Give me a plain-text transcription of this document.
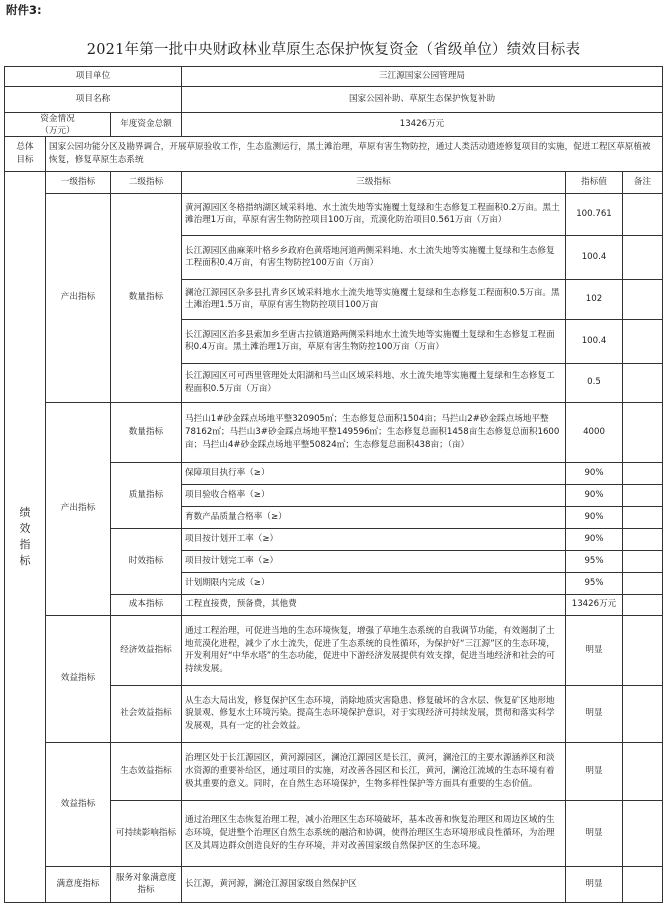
附件3:
2021年第一批中央财政林业草原生态保护恢复资金（省级单位）绩效目标表
项目单位			三江源国家公园管理局		
项目名称			国家公园补助、草原生态保护恢复补助		

资金情况
（万元）		年度资金总额	13426万元		

总体
目标	国家公园功能分区及勘界调合，开展草原验收工作，生态监测运行，黑土滩治理，草原有害生物防控，通过人类活动遗迹修复项目的实施，促进工程区草原植被恢复，修复草原生态系统				

绩
效
指
标	一级指标	二级指标	三级指标	指标值	备注
	产出指标	数量指标	黄河源园区冬格措纳湖区域采料地、水土流失地等实施覆土复绿和生态修复工程面积0.2万亩。黑土滩治理1万亩，草原有害生物防控项目100万亩，荒漠化防治项目0.561万亩（万亩）	100.761	
			长江源园区曲麻莱叶格乡乡政府色黄塔地河道两侧采料地、水土流失地等实施覆土复绿和生态修复工程面积0.4万亩，有害生物防控100万亩（万亩）	100.4	
			澜沧江源园区杂多县扎青乡区域采料地水土流失地等实施覆土复绿和生态修复工程面积0.5万亩。黑土滩治理1.5万亩，草原有害生物防控项目100万亩	102	
			长江源园区治多县索加乡至唐古拉镇道路两侧采料地水土流失地等实施覆土复绿和生态修复工程面积0.4万亩。黑土滩治理1万亩，草原有害生物防控100万亩（万亩）	100.4	
			长江源园区可可西里管理处太阳湖和马兰山区域采料地、水土流失地等实施覆土复绿和生态修复工程面积0.5万亩（万亩）	0.5	
	产出指标	数量指标	马拦山1#砂金踩点场地平整320905㎡；生态修复总面积1504亩；马拦山2#砂金踩点场地平整78162㎡；马拦山3#砂金踩点场地平整149596㎡；生态修复总面积1458亩生态修复总面积1600亩；马拦山4#砂金踩点场地平整50824㎡；生态修复总面积438亩；（亩）	4000	
		质量指标	保障项目执行率（≥）	90%	
			项目验收合格率（≥）	90%	
			育数产品质量合格率（≥）	90%	
		时效指标	项目按计划开工率（≥）	90%	
			项目按计划完工率（≥）	95%	
			计划期限内完成（≥）	95%	
		成本指标	工程直接费，预备费，其他费	13426万元	
	效益指标	经济效益指标	通过工程治理，可促进当地的生态环境恢复，增强了草地生态系统的自我调节功能，有效遏制了土地荒漠化进程，减少了水土流失，促进了生态系统的良性循环，为保护好“三江源”区的生态环境，开发利用好“中华水塔”的生态功能，促进中下游经济发展提供有效支撑，促进当地经济和社会的可持续发展。	明显	
		社会效益指标	从生态大局出发，修复保护区生态环境，消除地质灾害隐患、修复破坏的含水层、恢复矿区地形地貌景观、修复水土环境污染。提高生态环境保护意识，对于实现经济可持续发展，贯彻和落实科学发展观，具有一定的社会效益。	明显	
	效益指标	生态效益指标	治理区处于长江源园区，黄河源园区，澜沧江源园区是长江，黄河，澜沧江的主要水源涵养区和淡水资源的重要补给区，通过项目的实施，对改善各园区和长江，黄河，澜沧江流域的生态环境有着极其重要的意义。同时，在自然生态环境保护，生物多样性保护等方面具有重要的生态价值。	明显	
		可持续影响指标	通过治理区生态恢复治理工程，减小治理区生态环境破坏，基本改善和恢复治理区和周边区域的生态环境，促进整个治理区自然生态系统的融洽和协调，使得治理区生态环境形成良性循环，为治理区及其周边群众创造良好的生存环境，并对改善国家级自然保护区的生态环境。	明显	
	满意度指标	服务对象满意度指标	长江源，黄河源，澜沧江源国家级自然保护区	明显	
